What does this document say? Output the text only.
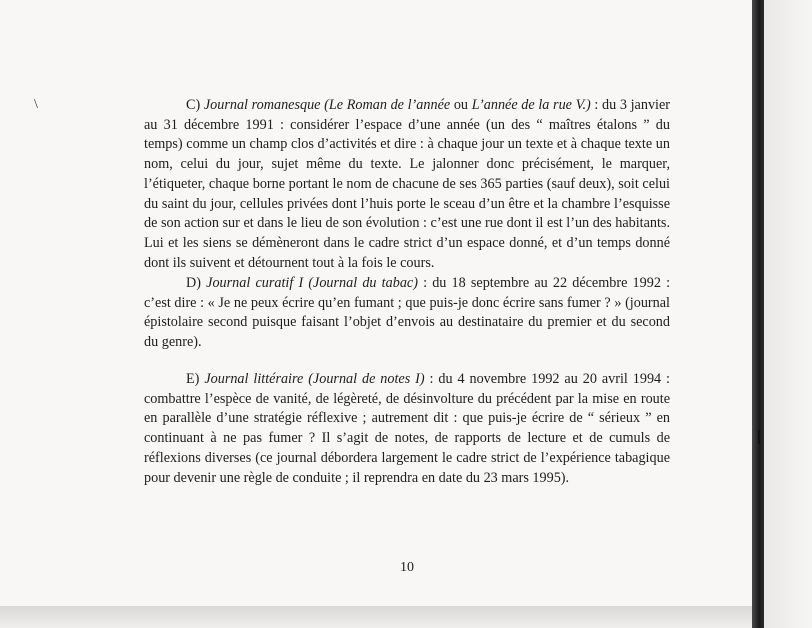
\	C) Journal romanesque (Le Roman de l’année ou L’année de la rue V.) : du 3 janvier au 31 décembre 1991 : considérer l’espace d’une année (un des “ maîtres étalons ” du temps) comme un champ clos d’activités et dire : à chaque jour un texte et à chaque texte un nom, celui du jour, sujet même du texte. Le jalonner donc précisément, le marquer, l’étiqueter, chaque borne portant le nom de chacune de ses 365 parties (sauf deux), soit celui du saint du jour, cellules privées dont l’huis porte le sceau d’un être et la chambre l’esquisse de son action sur et dans le lieu de son évolution : c’est une rue dont il est l’un des habitants. Lui et les siens se démèneront dans le cadre strict d’un espace donné, et d’un temps donné dont ils suivent et détournent tout à la fois le cours.

D) Journal curatif I (Journal du tabac) : du 18 septembre au 22 décembre 1992 : c’est dire : « Je ne peux écrire qu’en fumant ; que puis-je donc écrire sans fumer ? » (journal épistolaire second puisque faisant l’objet d’envois au destinataire du premier et du second du genre).

E) Journal littéraire (Journal de notes I) : du 4 novembre 1992 au 20 avril 1994 : combattre l’espèce de vanité, de légèreté, de désinvolture du précédent par la mise en route en parallèle d’une stratégie réflexive ; autrement dit : que puis-je écrire de “ sérieux ” en continuant à ne pas fumer ? Il s’agit de notes, de rapports de lecture et de cumuls de réflexions diverses (ce journal débordera largement le cadre strict de l’expérience tabagique pour devenir une règle de conduite ; il reprendra en date du 23 mars 1995).

10
